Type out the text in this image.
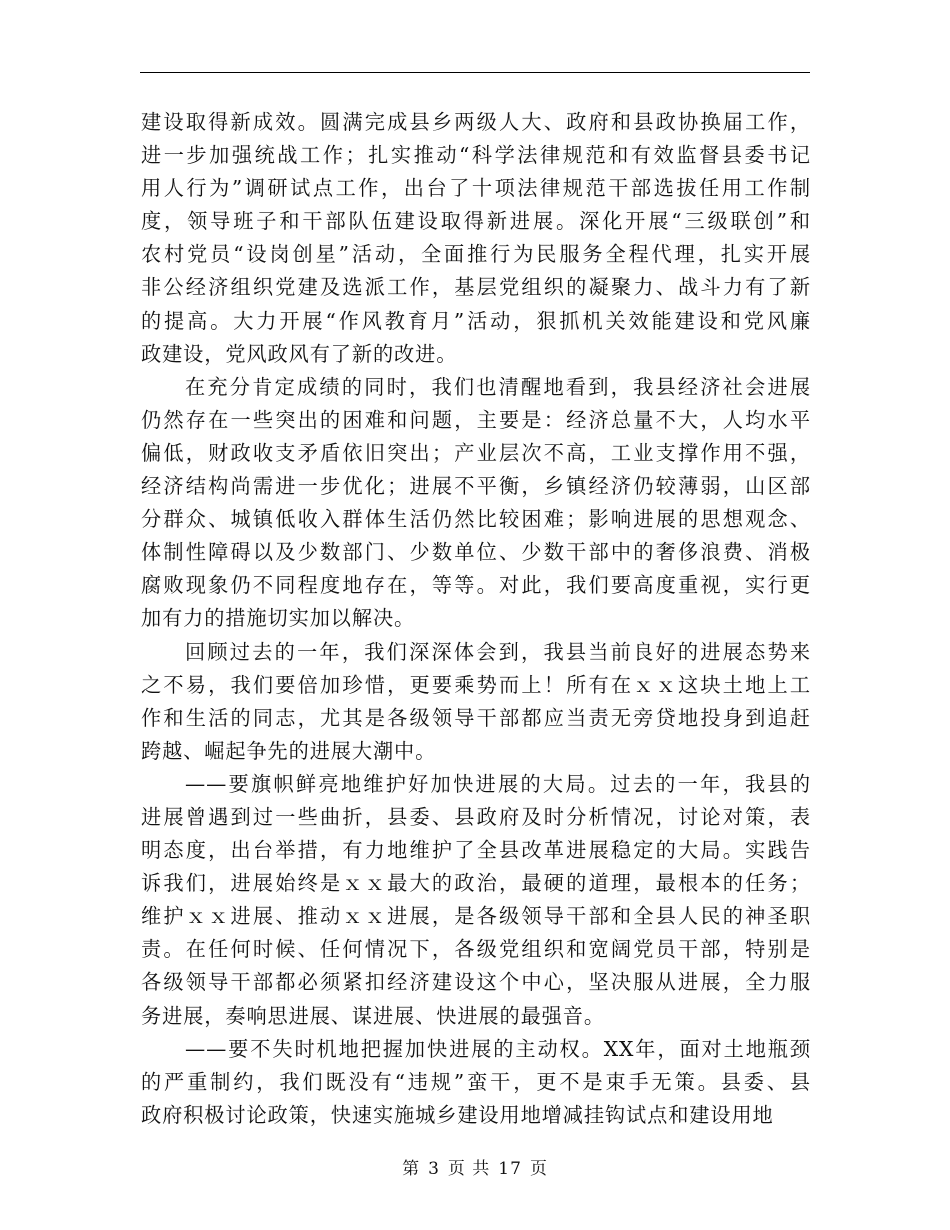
建设取得新成效。圆满完成县乡两级人大、政府和县政协换届工作，
进一步加强统战工作；扎实推动“科学法律规范和有效监督县委书记
用人行为”调研试点工作，出台了十项法律规范干部选拔任用工作制
度，领导班子和干部队伍建设取得新进展。深化开展“三级联创”和
农村党员“设岗创星”活动，全面推行为民服务全程代理，扎实开展
非公经济组织党建及选派工作，基层党组织的凝聚力、战斗力有了新
的提高。大力开展“作风教育月”活动，狠抓机关效能建设和党风廉
政建设，党风政风有了新的改进。
在充分肯定成绩的同时，我们也清醒地看到，我县经济社会进展
仍然存在一些突出的困难和问题，主要是：经济总量不大，人均水平
偏低，财政收支矛盾依旧突出；产业层次不高，工业支撑作用不强，
经济结构尚需进一步优化；进展不平衡，乡镇经济仍较薄弱，山区部
分群众、城镇低收入群体生活仍然比较困难；影响进展的思想观念、
体制性障碍以及少数部门、少数单位、少数干部中的奢侈浪费、消极
腐败现象仍不同程度地存在，等等。对此，我们要高度重视，实行更
加有力的措施切实加以解决。
回顾过去的一年，我们深深体会到，我县当前良好的进展态势来
之不易，我们要倍加珍惜，更要乘势而上！所有在ｘｘ这块土地上工
作和生活的同志，尤其是各级领导干部都应当责无旁贷地投身到追赶
跨越、崛起争先的进展大潮中。
——要旗帜鲜亮地维护好加快进展的大局。过去的一年，我县的
进展曾遇到过一些曲折，县委、县政府及时分析情况，讨论对策，表
明态度，出台举措，有力地维护了全县改革进展稳定的大局。实践告
诉我们，进展始终是ｘｘ最大的政治，最硬的道理，最根本的任务；
维护ｘｘ进展、推动ｘｘ进展，是各级领导干部和全县人民的神圣职
责。在任何时候、任何情况下，各级党组织和宽阔党员干部，特别是
各级领导干部都必须紧扣经济建设这个中心，坚决服从进展，全力服
务进展，奏响思进展、谋进展、快进展的最强音。
——要不失时机地把握加快进展的主动权。XX年，面对土地瓶颈
的严重制约，我们既没有“违规”蛮干，更不是束手无策。县委、县
政府积极讨论政策，快速实施城乡建设用地增减挂钩试点和建设用地
第 3 页 共 17 页
